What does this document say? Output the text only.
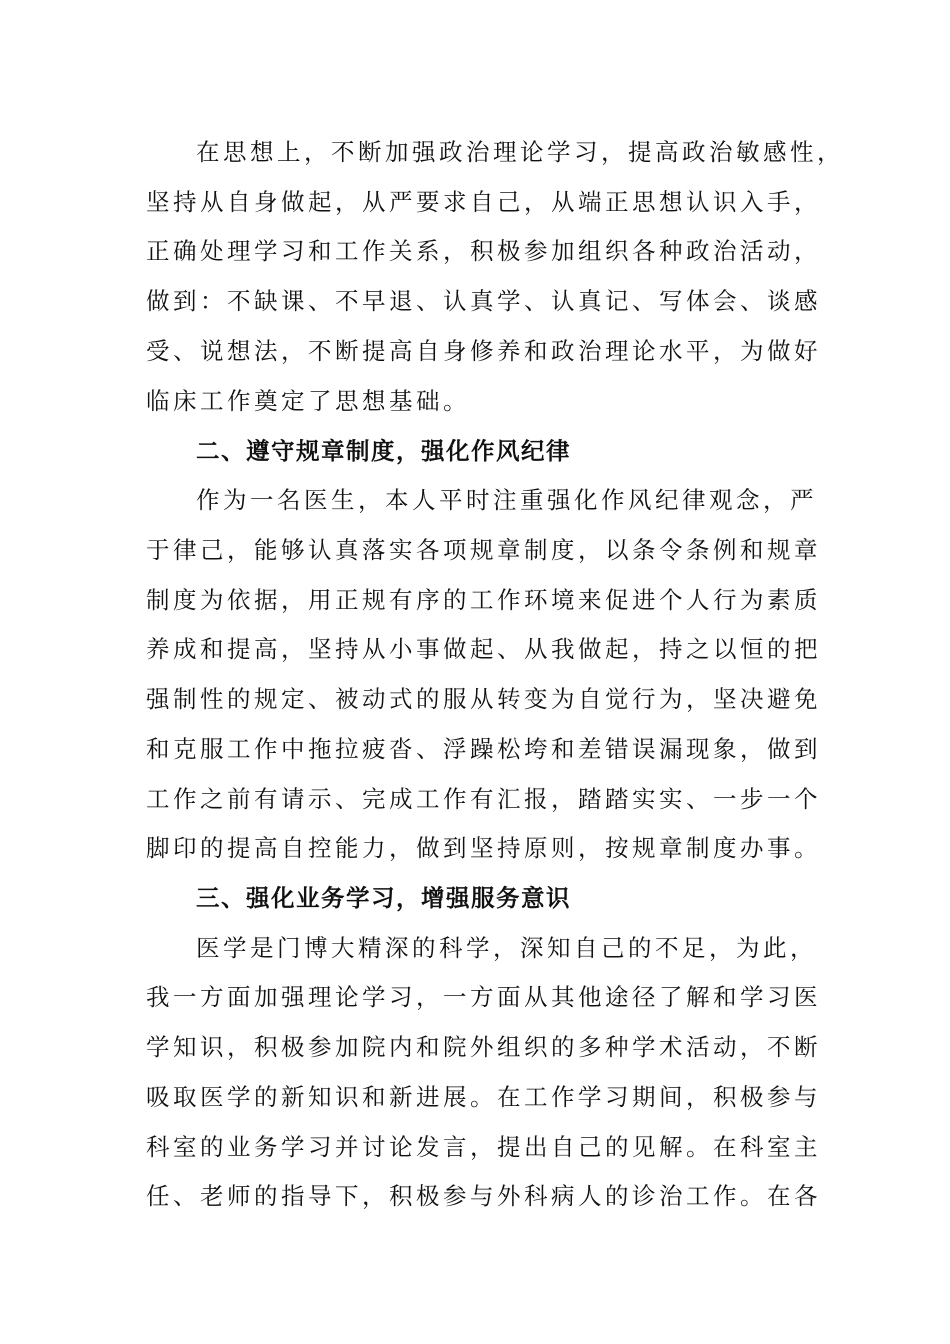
在思想上，不断加强政治理论学习，提高政治敏感性，
坚持从自身做起，从严要求自己，从端正思想认识入手，
正确处理学习和工作关系，积极参加组织各种政治活动，
做到：不缺课、不早退、认真学、认真记、写体会、谈感
受、说想法，不断提高自身修养和政治理论水平，为做好
临床工作奠定了思想基础。
二、遵守规章制度，强化作风纪律
作为一名医生，本人平时注重强化作风纪律观念，严
于律己，能够认真落实各项规章制度，以条令条例和规章
制度为依据，用正规有序的工作环境来促进个人行为素质
养成和提高，坚持从小事做起、从我做起，持之以恒的把
强制性的规定、被动式的服从转变为自觉行为，坚决避免
和克服工作中拖拉疲沓、浮躁松垮和差错误漏现象，做到
工作之前有请示、完成工作有汇报，踏踏实实、一步一个
脚印的提高自控能力，做到坚持原则，按规章制度办事。
三、强化业务学习，增强服务意识
医学是门博大精深的科学，深知自己的不足，为此，
我一方面加强理论学习，一方面从其他途径了解和学习医
学知识，积极参加院内和院外组织的多种学术活动，不断
吸取医学的新知识和新进展。在工作学习期间，积极参与
科室的业务学习并讨论发言，提出自己的见解。在科室主
任、老师的指导下，积极参与外科病人的诊治工作。在各
